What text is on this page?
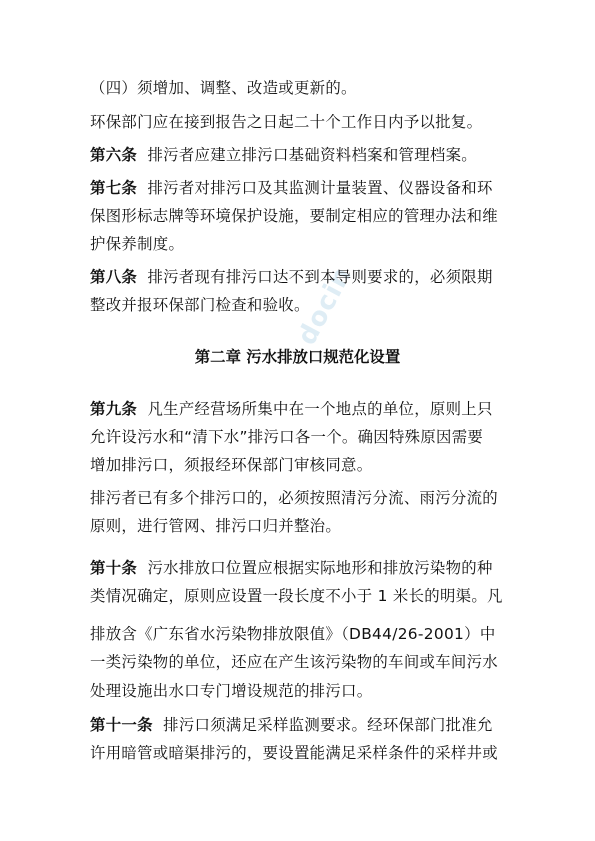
docin
（四）须增加、调整、改造或更新的。
环保部门应在接到报告之日起二十个工作日内予以批复。
第六条 排污者应建立排污口基础资料档案和管理档案。
第七条 排污者对排污口及其监测计量装置、仪器设备和环
保图形标志牌等环境保护设施，要制定相应的管理办法和维
护保养制度。
第八条 排污者现有排污口达不到本导则要求的，必须限期
整改并报环保部门检查和验收。
第二章 污水排放口规范化设置
第九条 凡生产经营场所集中在一个地点的单位，原则上只
允许设污水和“清下水”排污口各一个。确因特殊原因需要
增加排污口，须报经环保部门审核同意。
排污者已有多个排污口的，必须按照清污分流、雨污分流的
原则，进行管网、排污口归并整治。
第十条 污水排放口位置应根据实际地形和排放污染物的种
类情况确定，原则应设置一段长度不小于 1 米长的明渠。凡
排放含《广东省水污染物排放限值》（DB44/26-2001）中
一类污染物的单位，还应在产生该污染物的车间或车间污水
处理设施出水口专门增设规范的排污口。
第十一条 排污口须满足采样监测要求。经环保部门批准允
许用暗管或暗渠排污的，要设置能满足采样条件的采样井或
